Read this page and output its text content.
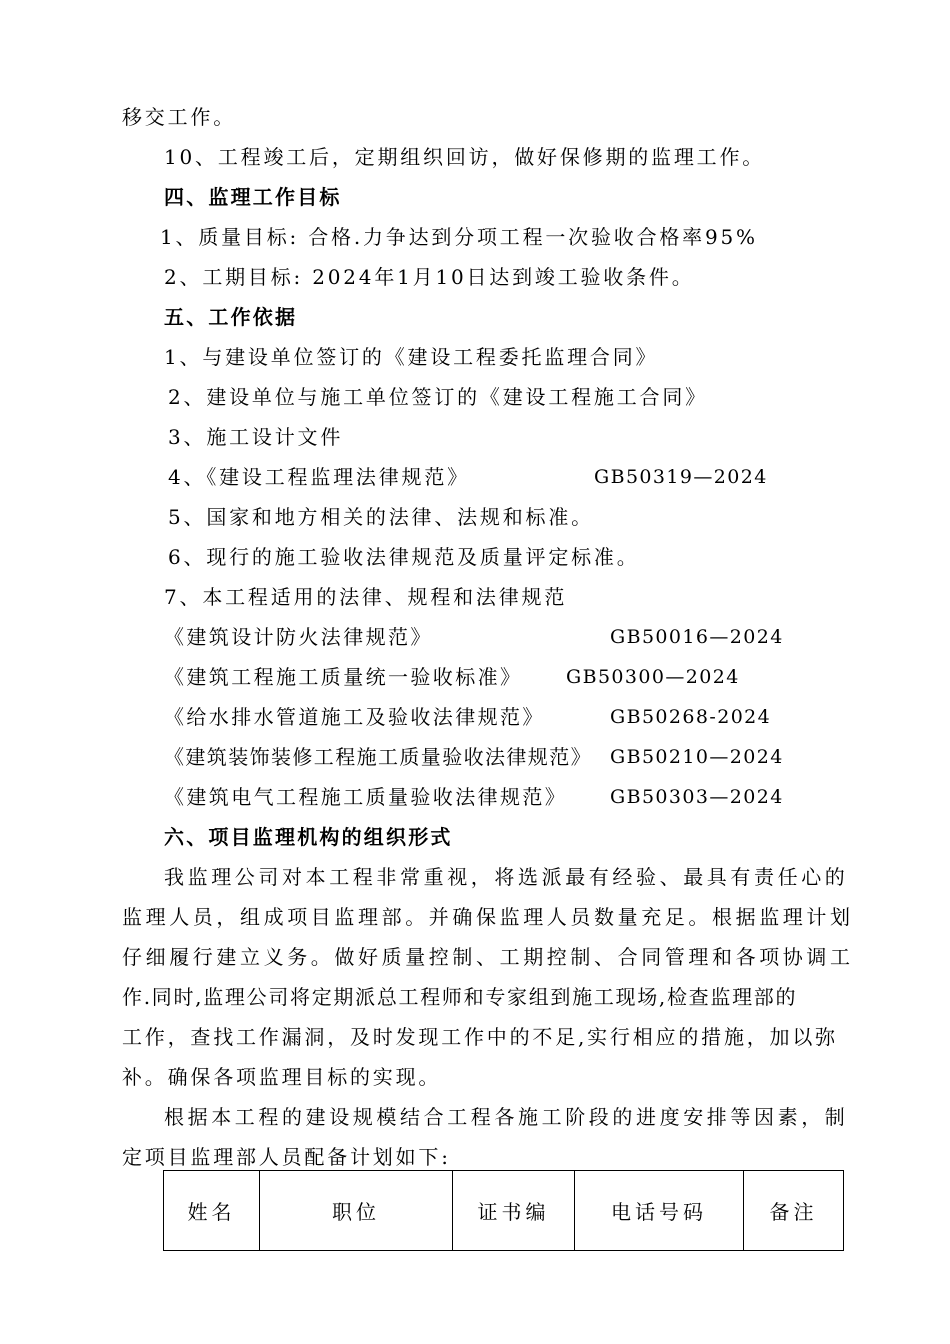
移交工作。
10、工程竣工后，定期组织回访，做好保修期的监理工作。
四、监理工作目标
1、质量目标: 合格.力争达到分项工程一次验收合格率95%
2、工期目标: 2024年1月10日达到竣工验收条件。
五、工作依据
1、与建设单位签订的《建设工程委托监理合同》
2、建设单位与施工单位签订的《建设工程施工合同》
3、施工设计文件
4、《建设工程监理法律规范》	GB50319—2024
5、国家和地方相关的法律、法规和标准。
6、现行的施工验收法律规范及质量评定标准。
7、本工程适用的法律、规程和法律规范
《建筑设计防火法律规范》	GB50016—2024
《建筑工程施工质量统一验收标准》 GB50300—2024
《给水排水管道施工及验收法律规范》	GB50268-2024
《建筑装饰装修工程施工质量验收法律规范》 GB50210—2024
《建筑电气工程施工质量验收法律规范》 GB50303—2024
六、项目监理机构的组织形式
我监理公司对本工程非常重视，将选派最有经验、最具有责任心的
监理人员，组成项目监理部。并确保监理人员数量充足。根据监理计划
仔细履行建立义务。做好质量控制、工期控制、合同管理和各项协调工
作.同时,监理公司将定期派总工程师和专家组到施工现场,检查监理部的
工作，查找工作漏洞，及时发现工作中的不足,实行相应的措施，加以弥
补。确保各项监理目标的实现。
根据本工程的建设规模结合工程各施工阶段的进度安排等因素，制
定项目监理部人员配备计划如下:
姓名	职位	证书编	电话号码	备注
